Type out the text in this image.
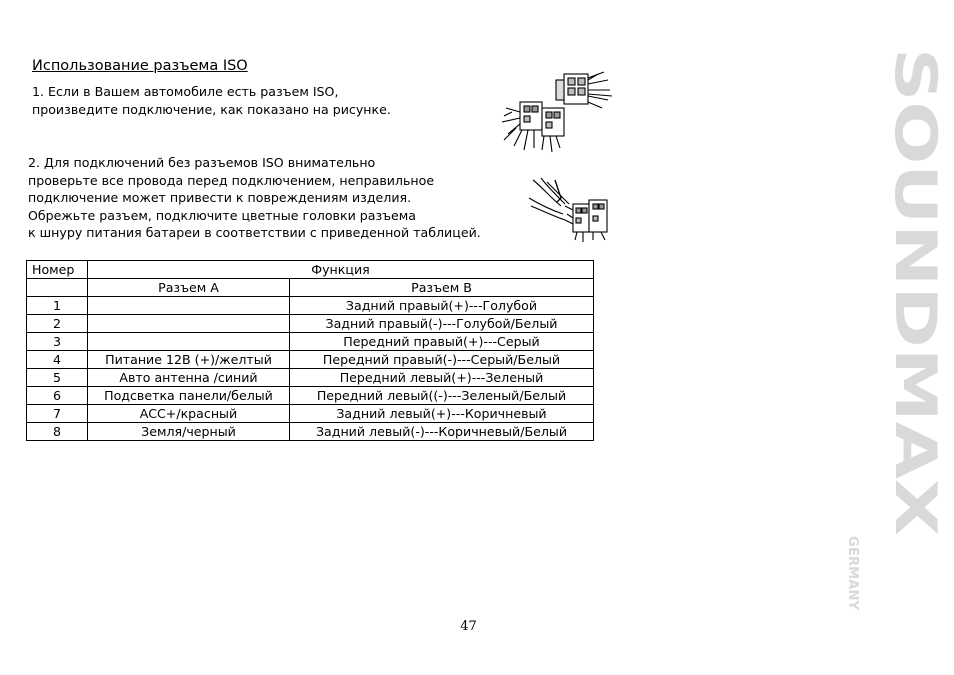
Использование разъема ISO

1. Если в Вашем автомобиле есть разъем ISO,
произведите подключение, как показано на рисунке.

2. Для подключений без разъемов ISO внимательно
проверьте все провода перед подключением, неправильное
подключение может привести к повреждениям изделия.
Обрежьте разъем, подключите цветные головки разъема
к шнуру питания батареи в соответствии с приведенной таблицей.

Номер	Функция	
	Разъем A	Разъем B
1		Задний правый(+)---Голубой
2		Задний правый(-)---Голубой/Белый
3		Передний правый(+)---Серый
4	Питание 12В (+)/желтый	Передний правый(-)---Серый/Белый
5	Авто антенна /синий	Передний левый(+)---Зеленый
6	Подсветка панели/белый	Передний левый((-)---Зеленый/Белый
7	ACC+/красный	Задний левый(+)---Коричневый
8	Земля/черный	Задний левый(-)---Коричневый/Белый
SOUNDMAX
GERMANY
47
